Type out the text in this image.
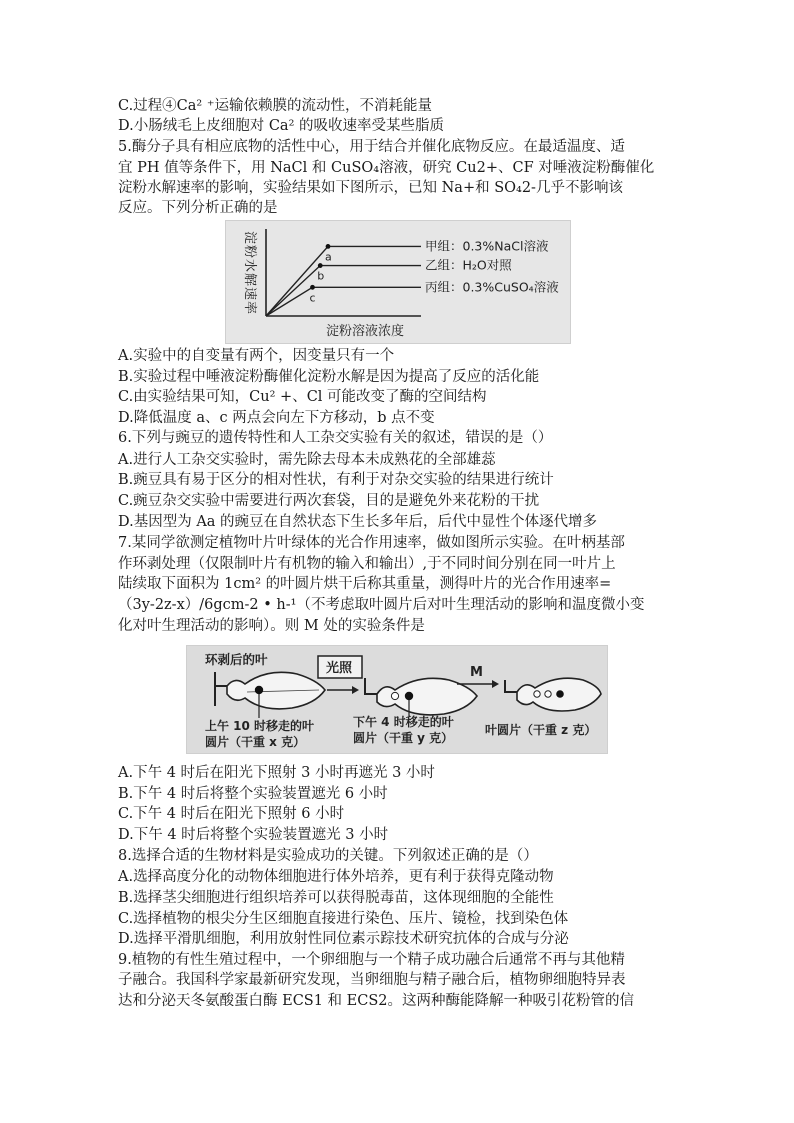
C.过程④Ca² ⁺运输依赖膜的流动性，不消耗能量
D.小肠绒毛上皮细胞对 Ca² 的吸收速率受某些脂质
5.酶分子具有相应底物的活性中心，用于结合并催化底物反应。在最适温度、适
宜 PH 值等条件下，用 NaCl 和 CuSO₄溶液，研究 Cu2+、CF 对唾液淀粉酶催化
淀粉水解速率的影响，实验结果如下图所示，已知 Na+和 SO₄2-几乎不影响该
反应。下列分析正确的是
A.实验中的自变量有两个，因变量只有一个
B.实验过程中唾液淀粉酶催化淀粉水解是因为提高了反应的活化能
C.由实验结果可知，Cu² +、Cl 可能改变了酶的空间结构
D.降低温度 a、c 两点会向左下方移动，b 点不变
6.下列与豌豆的遗传特性和人工杂交实验有关的叙述，错误的是（）
A.进行人工杂交实验时，需先除去母本未成熟花的全部雄蕊
B.豌豆具有易于区分的相对性状，有利于对杂交实验的结果进行统计
C.豌豆杂交实验中需要进行两次套袋，目的是避免外来花粉的干扰
D.基因型为 Aa 的豌豆在自然状态下生长多年后，后代中显性个体逐代增多
7.某同学欲测定植物叶片叶绿体的光合作用速率，做如图所示实验。在叶柄基部
作环剥处理（仅限制叶片有机物的输入和输出）,于不同时间分别在同一叶片上
陆续取下面积为 1cm² 的叶圆片烘干后称其重量，测得叶片的光合作用速率=
（3y-2z-x）/6gcm-2 • h-¹（不考虑取叶圆片后对叶生理活动的影响和温度微小变
化对叶生理活动的影响）。则 M 处的实验条件是
A.下午 4 时后在阳光下照射 3 小时再遮光 3 小时
B.下午 4 时后将整个实验装置遮光 6 小时
C.下午 4 时后在阳光下照射 6 小时
D.下午 4 时后将整个实验装置遮光 3 小时
8.选择合适的生物材料是实验成功的关键。下列叙述正确的是（）
A.选择高度分化的动物体细胞进行体外培养，更有利于获得克隆动物
B.选择茎尖细胞进行组织培养可以获得脱毒苗，这体现细胞的全能性
C.选择植物的根尖分生区细胞直接进行染色、压片、镜检，找到染色体
D.选择平滑肌细胞，利用放射性同位素示踪技术研究抗体的合成与分泌
9.植物的有性生殖过程中，一个卵细胞与一个精子成功融合后通常不再与其他精
子融合。我国科学家最新研究发现，当卵细胞与精子融合后，植物卵细胞特异表
达和分泌天冬氨酸蛋白酶 ECS1 和 ECS2。这两种酶能降解一种吸引花粉管的信
淀粉水解速率
淀粉溶液浓度
a
甲组：0.3%NaCl溶液
b
乙组：H₂O对照
c
丙组：0.3%CuSO₄溶液
环剥后的叶
光照	M
上午 10 时移走的叶
圆片（干重 x 克）
下午 4 时移走的叶
圆片（干重 y 克）
叶圆片（干重 z 克）
